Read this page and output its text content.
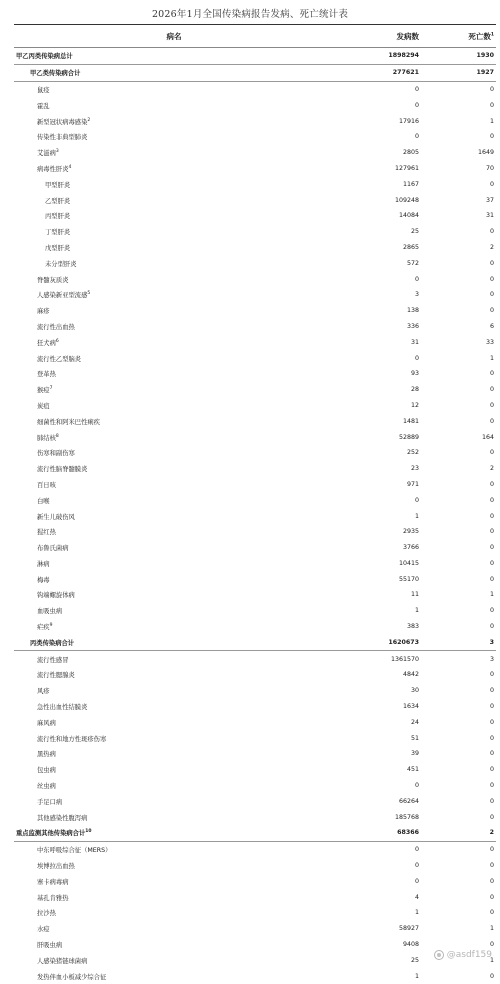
2026年1月全国传染病报告发病、死亡统计表
病名	发病数	死亡数$^1$
甲乙丙类传染病总计	1898294	1930
甲乙类传染病合计	277621	1927
鼠疫	0	0
霍乱	0	0
新型冠状病毒感染$^2$	17916	1
传染性非典型肺炎	0	0
艾滋病$^3$	2805	1649
病毒性肝炎$^4$	127961	70
甲型肝炎	1167	0
乙型肝炎	109248	37
丙型肝炎	14084	31
丁型肝炎	25	0
戊型肝炎	2865	2
未分型肝炎	572	0
脊髓灰质炎	0	0
人感染新亚型流感$^5$	3	0
麻疹	138	0
流行性出血热	336	6
狂犬病$^6$	31	33
流行性乙型脑炎	0	1
登革热	93	0
猴痘$^7$	28	0
炭疽	12	0
细菌性和阿米巴性痢疾	1481	0
肺结核$^8$	52889	164
伤寒和副伤寒	252	0
流行性脑脊髓膜炎	23	2
百日咳	971	0
白喉	0	0
新生儿破伤风	1	0
猩红热	2935	0
布鲁氏菌病	3766	0
淋病	10415	0
梅毒	55170	0
钩端螺旋体病	11	1
血吸虫病	1	0
疟疾$^9$	383	0
丙类传染病合计	1620673	3
流行性感冒	1361570	3
流行性腮腺炎	4842	0
风疹	30	0
急性出血性结膜炎	1634	0
麻风病	24	0
流行性和地方性斑疹伤寒	51	0
黑热病	39	0
包虫病	451	0
丝虫病	0	0
手足口病	66264	0
其他感染性腹泻病	185768	0
重点监测其他传染病合计$^{10}$	68366	2
中东呼吸综合征（MERS）	0	0
埃博拉出血热	0	0
寨卡病毒病	0	0
基孔肯雅热	4	0
拉沙热	1	0
水痘	58927	1
肝吸虫病	9408	0
人感染猪链球菌病	25	1
发热伴血小板减少综合征	1	0
@asdf159
